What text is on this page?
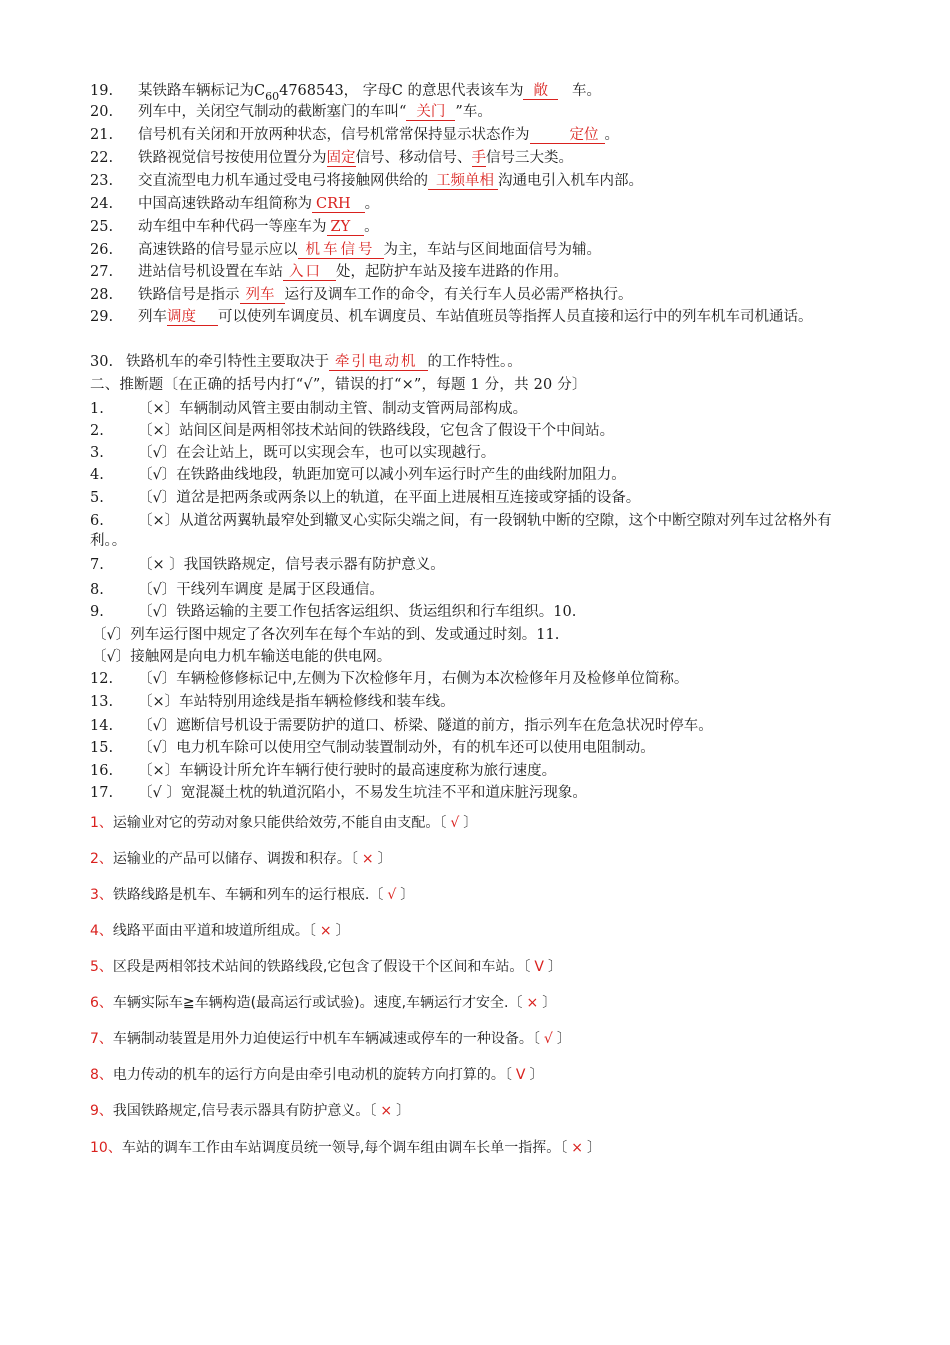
19. 某铁路车辆标记为$C_{60}4768543$， 字母C 的意思代表该车为 敞 车。
20. 列车中，关闭空气制动的截断塞门的车叫“ 关门 ”车。
21. 信号机有关闭和开放两种状态，信号机常常保持显示状态作为	定位 。
22. 铁路视觉信号按使用位置分为固定信号、移动信号、手信号三大类。
23. 交直流型电力机车通过受电弓将接触网供给的 工频单相 沟通电引入机车内部。
24. 中国高速铁路动车组简称为 CRH 。
25. 动车组中车种代码一等座车为 ZY 。
26. 高速铁路的信号显示应以 机车信号 为主，车站与区间地面信号为辅。
27. 进站信号机设置在车站 入口 处，起防护车站及接车进路的作用。
28. 铁路信号是指示 列车 运行及调车工作的命令，有关行车人员必需严格执行。
29. 列车调度 可以使列车调度员、机车调度员、车站值班员等指挥人员直接和运行中的列车机车司机通话。
30. 铁路机车的牵引特性主要取决于 牵引电动机 的工作特性。。
二、推断题〔在正确的括号内打“√”，错误的打“×”，每题 1 分，共 20 分〕
1. 〔×〕车辆制动风管主要由制动主管、制动支管两局部构成。
2. 〔×〕站间区间是两相邻技术站间的铁路线段，它包含了假设干个中间站。
3. 〔√〕在会让站上，既可以实现会车，也可以实现越行。
4. 〔√〕在铁路曲线地段，轨距加宽可以减小列车运行时产生的曲线附加阻力。
5. 〔√〕道岔是把两条或两条以上的轨道，在平面上进展相互连接或穿插的设备。
6. 〔×〕从道岔两翼轨最窄处到辙叉心实际尖端之间，有一段钢轨中断的空隙，这个中断空隙对列车过岔格外有利。。
7. 〔× 〕我国铁路规定，信号表示器有防护意义。
8. 〔√〕干线列车调度 是属于区段通信。
9. 〔√〕铁路运输的主要工作包括客运组织、货运组织和行车组织。10.
〔√〕列车运行图中规定了各次列车在每个车站的到、发或通过时刻。11.
〔√〕接触网是向电力机车输送电能的供电网。
12. 〔√〕车辆检修修标记中,左侧为下次检修年月，右侧为本次检修年月及检修单位简称。
13. 〔×〕车站特别用途线是指车辆检修线和装车线。
14. 〔√〕遮断信号机设于需要防护的道口、桥梁、隧道的前方，指示列车在危急状况时停车。
15. 〔√〕电力机车除可以使用空气制动装置制动外，有的机车还可以使用电阻制动。
16. 〔×〕车辆设计所允许车辆行使行驶时的最高速度称为旅行速度。
17. 〔√ 〕宽混凝土枕的轨道沉陷小，不易发生坑洼不平和道床脏污现象。
1、运输业对它的劳动对象只能供给效劳,不能自由支配。〔 √ 〕
2、运输业的产品可以储存、调拨和积存。〔 × 〕
3、铁路线路是机车、车辆和列车的运行根底.〔 √ 〕
4、线路平面由平道和坡道所组成。〔 × 〕
5、区段是两相邻技术站间的铁路线段,它包含了假设干个区间和车站。〔 V 〕
6、车辆实际车≧车辆构造(最高运行或试验)。速度,车辆运行才安全.〔 × 〕
7、车辆制动装置是用外力迫使运行中机车车辆减速或停车的一种设备。〔 √ 〕
8、电力传动的机车的运行方向是由牵引电动机的旋转方向打算的。〔 V 〕
9、我国铁路规定,信号表示器具有防护意义。〔 × 〕
10、车站的调车工作由车站调度员统一领导,每个调车组由调车长单一指挥。〔 × 〕
